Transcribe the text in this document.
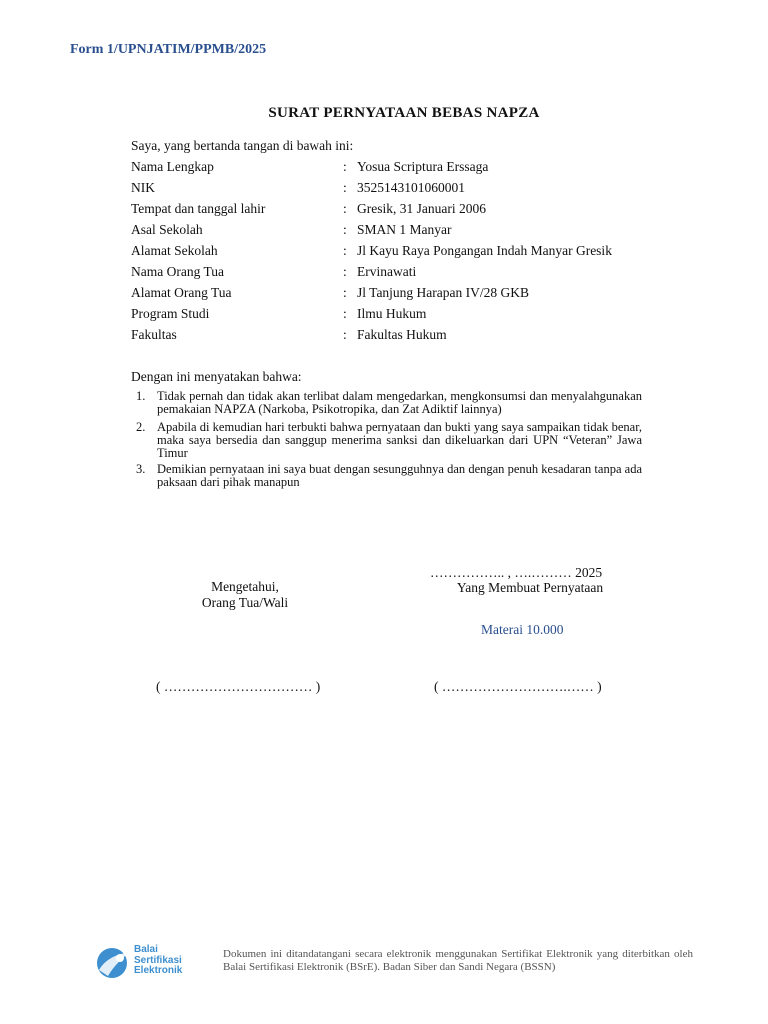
Form 1/UPNJATIM/PPMB/2025
SURAT PERNYATAAN BEBAS NAPZA
Saya, yang bertanda tangan di bawah ini:
Nama Lengkap	: Yosua Scriptura Erssaga
NIK	: 3525143101060001
Tempat dan tanggal lahir	: Gresik, 31 Januari 2006
Asal Sekolah	: SMAN 1 Manyar
Alamat Sekolah	: Jl Kayu Raya Pongangan Indah Manyar Gresik
Nama Orang Tua	: Ervinawati
Alamat Orang Tua	: Jl Tanjung Harapan IV/28 GKB
Program Studi	: Ilmu Hukum
Fakultas	: Fakultas Hukum
Dengan ini menyatakan bahwa:
1. Tidak pernah dan tidak akan terlibat dalam mengedarkan, mengkonsumsi dan menyalahgunakan pemakaian NAPZA (Narkoba, Psikotropika, dan Zat Adiktif lainnya)
2. Apabila di kemudian hari terbukti bahwa pernyataan dan bukti yang saya sampaikan tidak benar, maka saya bersedia dan sanggup menerima sanksi dan dikeluarkan dari UPN “Veteran” Jawa Timur
3. Demikian pernyataan ini saya buat dengan sesungguhnya dan dengan penuh kesadaran tanpa ada paksaan dari pihak manapun
…………….. , ….……… 2025
Mengetahui,
Orang Tua/Wali
Yang Membuat Pernyataan
Materai 10.000
( …………………………… )	( ……………………….…… )
Balai
Sertifikasi
Elektronik
Dokumen ini ditandatangani secara elektronik menggunakan Sertifikat Elektronik yang diterbitkan oleh Balai Sertifikasi Elektronik (BSrE). Badan Siber dan Sandi Negara (BSSN)
